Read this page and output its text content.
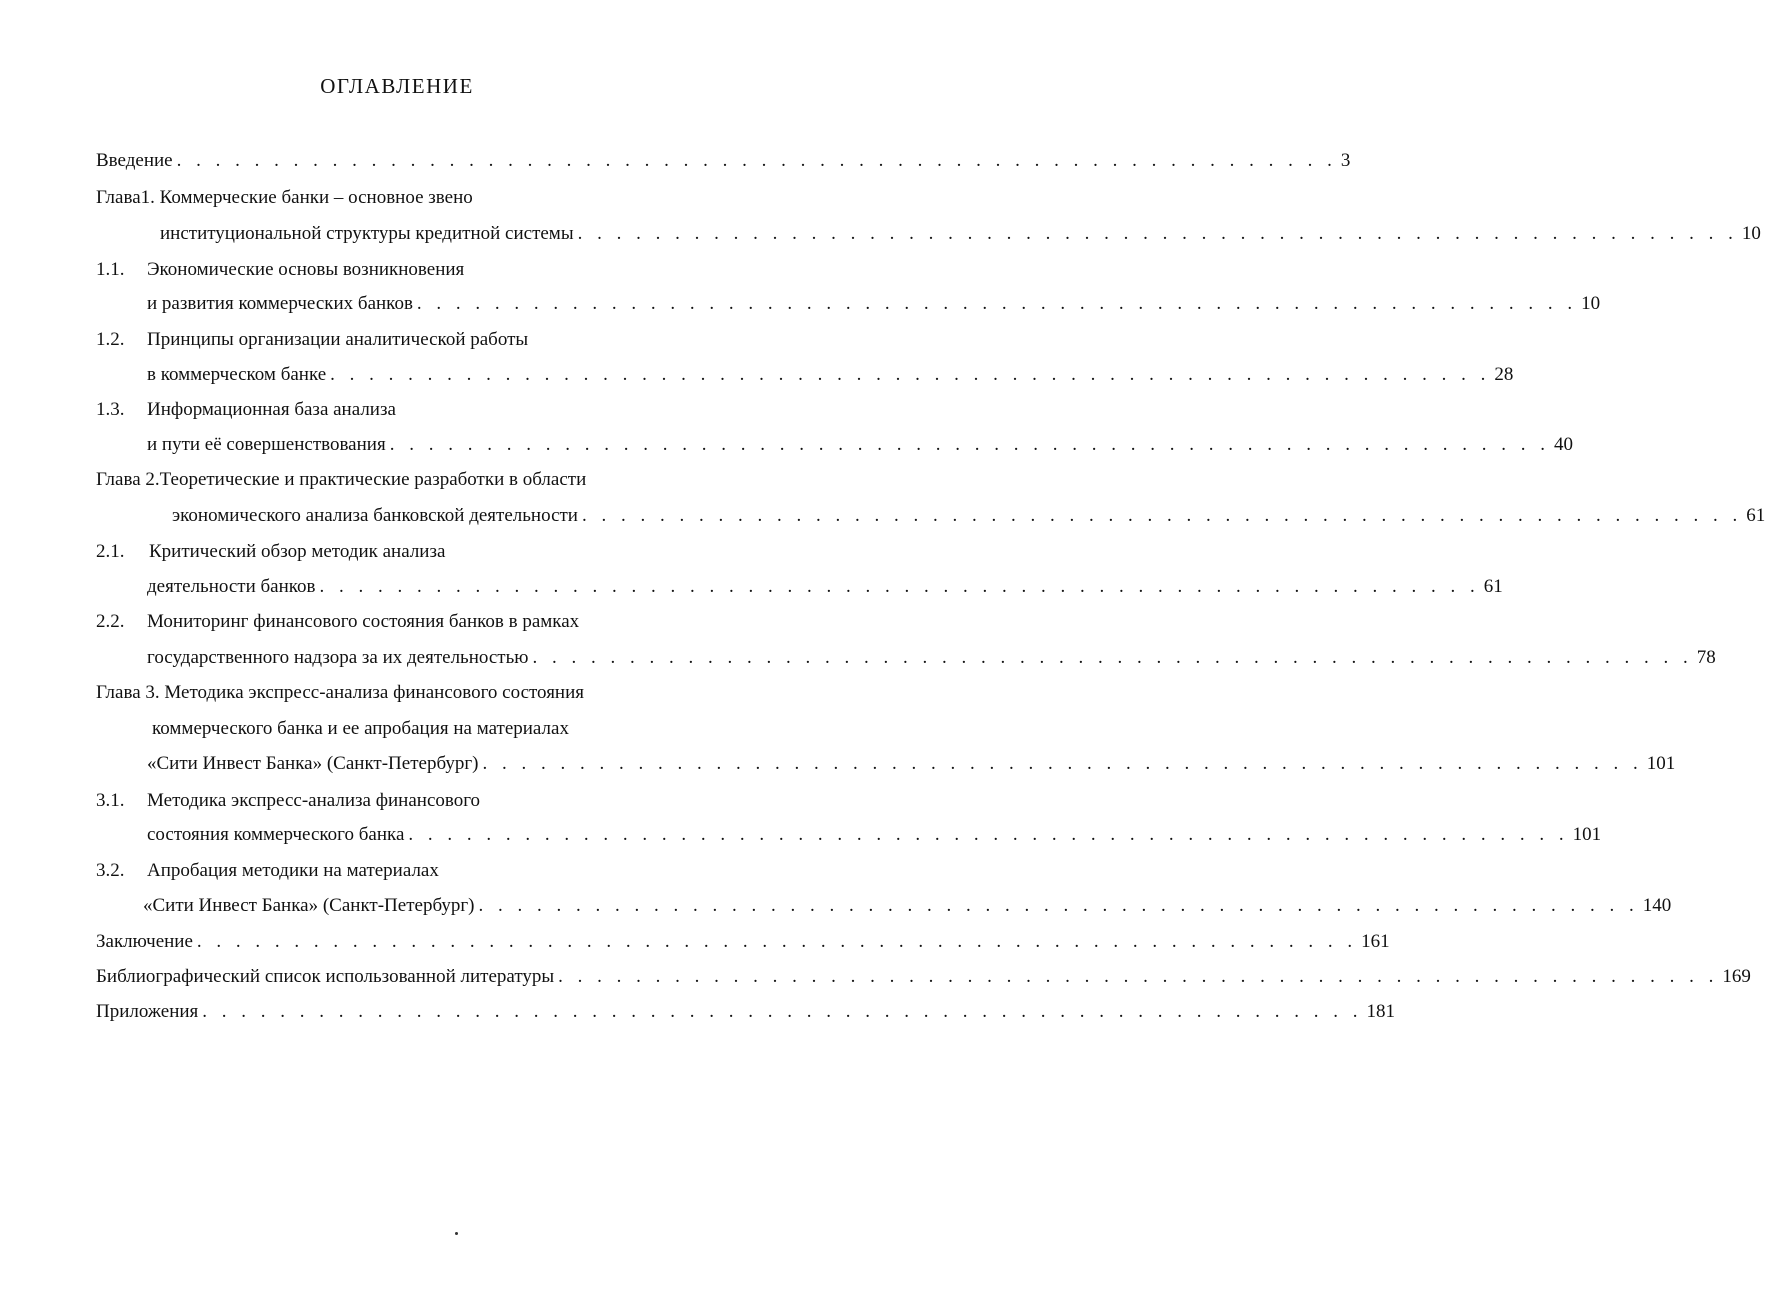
ОГЛАВЛЕНИЕ
Введение . . . . . . . . . . . . . . . . . . . . . . . . . . . . . . . . . . . . . . . . . . . . . . . . . . . . . . . . . . . . 3
Глава1. Коммерческие банки – основное звено
институциональной структуры кредитной системы . . . . . . . . . . . . . . . . . . . . . . . . . . . . . . . . . . . . . . . . . . . . . . . . . . . . . . . . . . . . 10
1.1. Экономические основы возникновения
и развития коммерческих банков . . . . . . . . . . . . . . . . . . . . . . . . . . . . . . . . . . . . . . . . . . . . . . . . . . . . . . . . . . . . 10
1.2. Принципы организации аналитической работы
в коммерческом банке . . . . . . . . . . . . . . . . . . . . . . . . . . . . . . . . . . . . . . . . . . . . . . . . . . . . . . . . . . . . 28
1.3. Информационная база анализа
и пути её совершенствования . . . . . . . . . . . . . . . . . . . . . . . . . . . . . . . . . . . . . . . . . . . . . . . . . . . . . . . . . . . . 40
Глава 2.Теоретические и практические разработки в области
экономического анализа банковской деятельности . . . . . . . . . . . . . . . . . . . . . . . . . . . . . . . . . . . . . . . . . . . . . . . . . . . . . . . . . . . . 61
2.1. Критический обзор методик анализа
деятельности банков . . . . . . . . . . . . . . . . . . . . . . . . . . . . . . . . . . . . . . . . . . . . . . . . . . . . . . . . . . . . 61
2.2. Мониторинг финансового состояния банков в рамках
государственного надзора за их деятельностью . . . . . . . . . . . . . . . . . . . . . . . . . . . . . . . . . . . . . . . . . . . . . . . . . . . . . . . . . . . . 78
Глава 3. Методика экспресс-анализа финансового состояния
коммерческого банка и ее апробация на материалах
«Сити Инвест Банка» (Санкт-Петербург) . . . . . . . . . . . . . . . . . . . . . . . . . . . . . . . . . . . . . . . . . . . . . . . . . . . . . . . . . . . . 101
3.1. Методика экспресс-анализа финансового
состояния коммерческого банка . . . . . . . . . . . . . . . . . . . . . . . . . . . . . . . . . . . . . . . . . . . . . . . . . . . . . . . . . . . . 101
3.2. Апробация методики на материалах
«Сити Инвест Банка» (Санкт-Петербург) . . . . . . . . . . . . . . . . . . . . . . . . . . . . . . . . . . . . . . . . . . . . . . . . . . . . . . . . . . . . 140
Заключение . . . . . . . . . . . . . . . . . . . . . . . . . . . . . . . . . . . . . . . . . . . . . . . . . . . . . . . . . . . . 161
Библиографический список использованной литературы . . . . . . . . . . . . . . . . . . . . . . . . . . . . . . . . . . . . . . . . . . . . . . . . . . . . . . . . . . . . 169
Приложения . . . . . . . . . . . . . . . . . . . . . . . . . . . . . . . . . . . . . . . . . . . . . . . . . . . . . . . . . . . . 181
